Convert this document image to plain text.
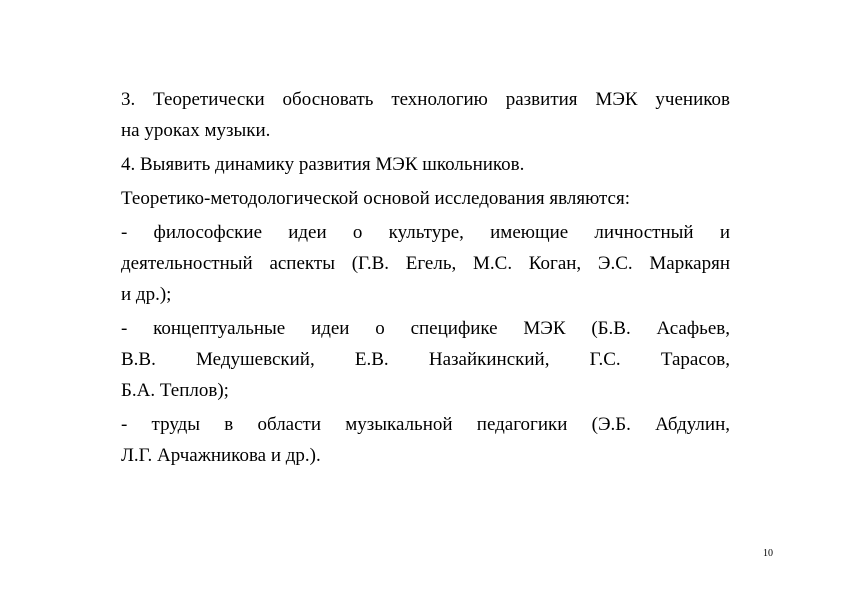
3. Теоретически обосновать технологию развития МЭК учеников
на уроках музыки.
4. Выявить динамику развития МЭК школьников.
Теоретико-методологической основой исследования являются:
- философские идеи о культуре, имеющие личностный и
деятельностный аспекты (Г.В. Егель, М.С. Коган, Э.С. Маркарян
и др.);
- концептуальные идеи о специфике МЭК (Б.В. Асафьев,
В.В. Медушевский, Е.В. Назайкинский, Г.С. Тарасов,
Б.А. Теплов);
- труды в области музыкальной педагогики (Э.Б. Абдулин,
Л.Г. Арчажникова и др.).
10
